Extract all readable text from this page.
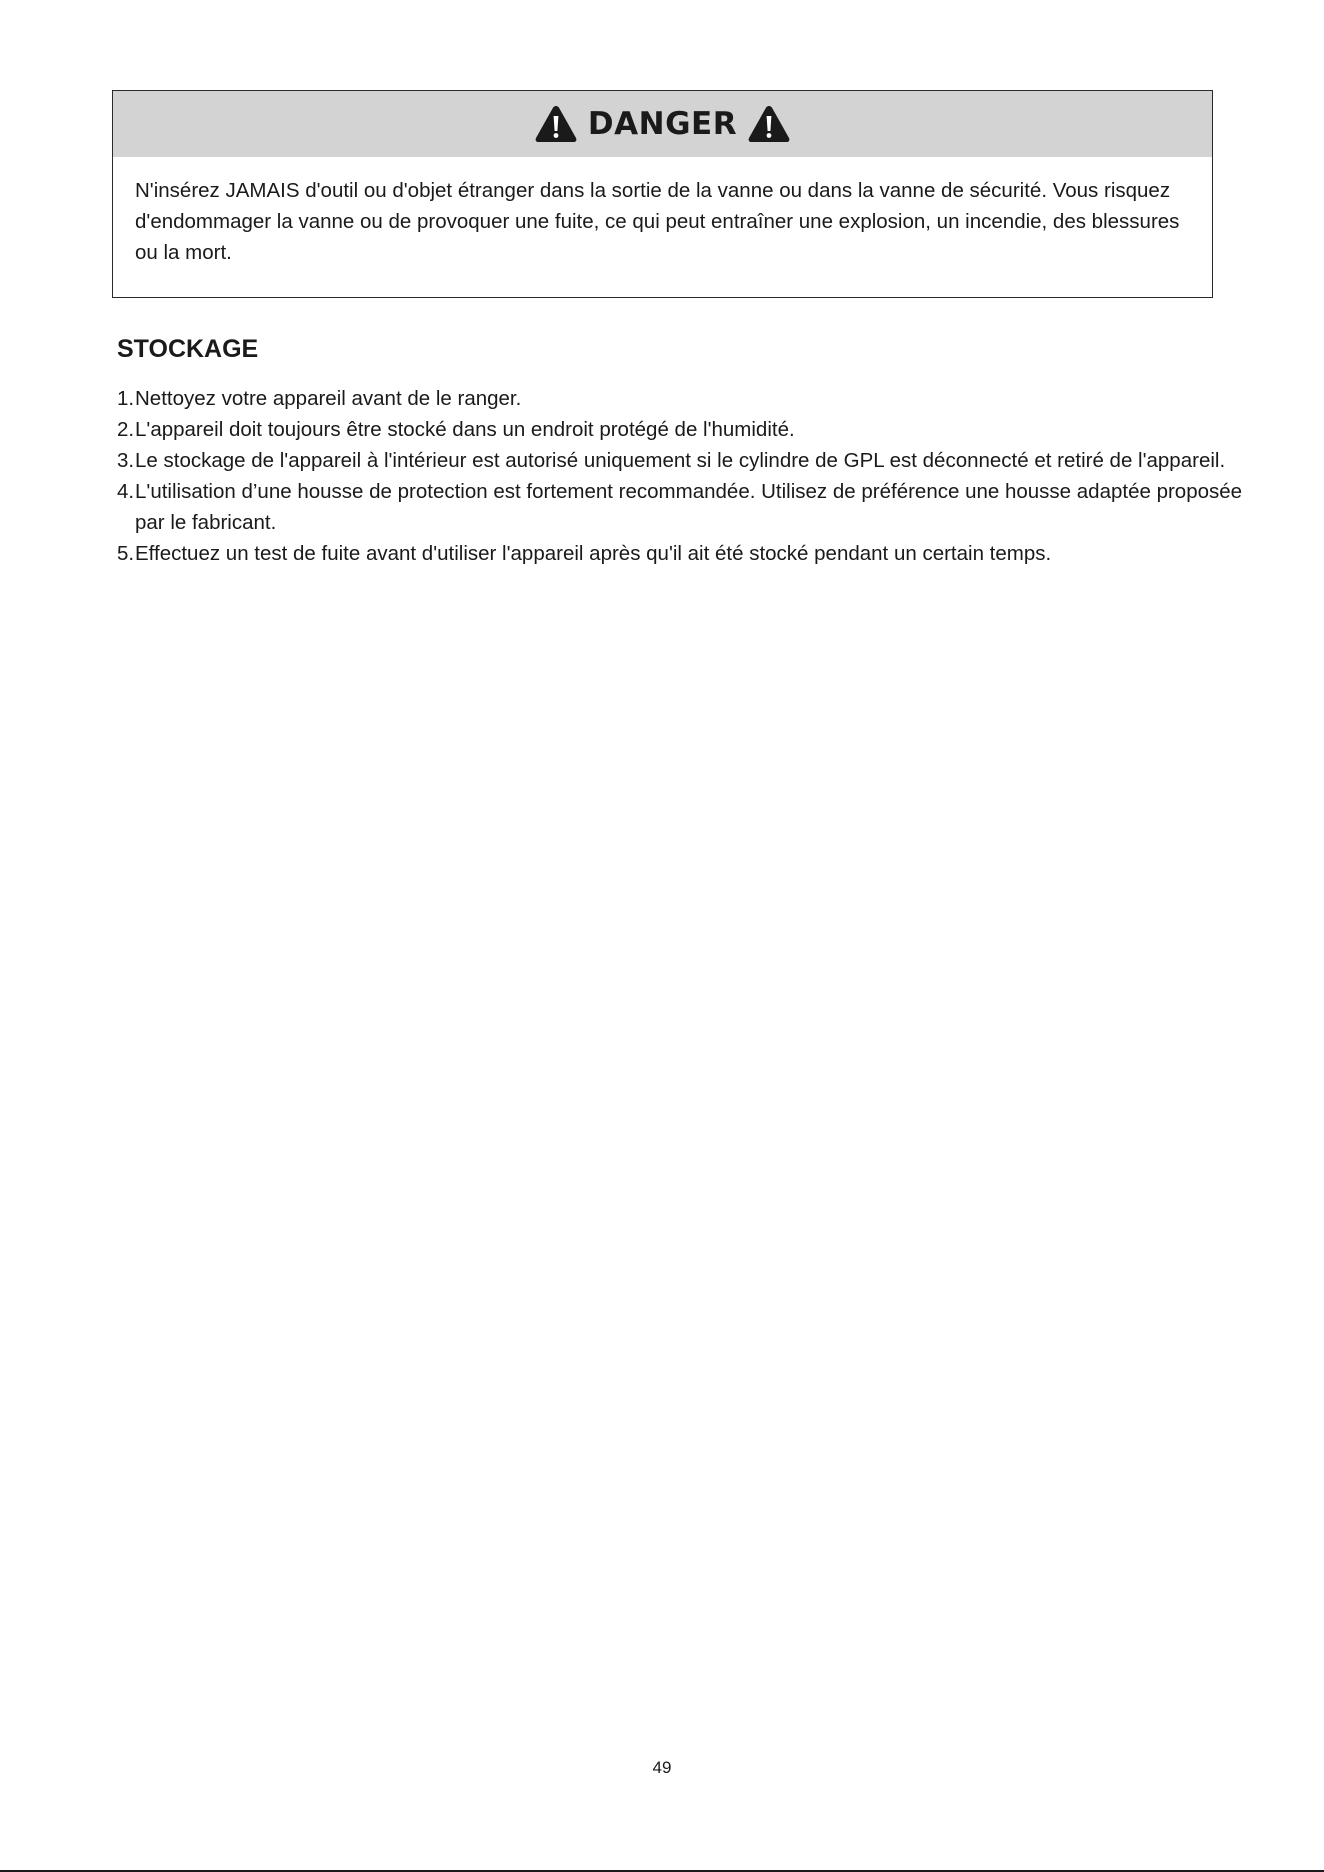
DANGER
N'insérez JAMAIS d'outil ou d'objet étranger dans la sortie de la vanne ou dans la vanne de sécurité. Vous risquez d'endommager la vanne ou de provoquer une fuite, ce qui peut entraîner une explosion, un incendie, des blessures ou la mort.
STOCKAGE
1. Nettoyez votre appareil avant de le ranger.
2. L'appareil doit toujours être stocké dans un endroit protégé de l'humidité.
3. Le stockage de l'appareil à l'intérieur est autorisé uniquement si le cylindre de GPL est déconnecté et retiré de l'appareil.
4. L'utilisation d’une housse de protection est fortement recommandée. Utilisez de préférence une housse adaptée proposée par le fabricant.
5. Effectuez un test de fuite avant d'utiliser l'appareil après qu'il ait été stocké pendant un certain temps.
49
